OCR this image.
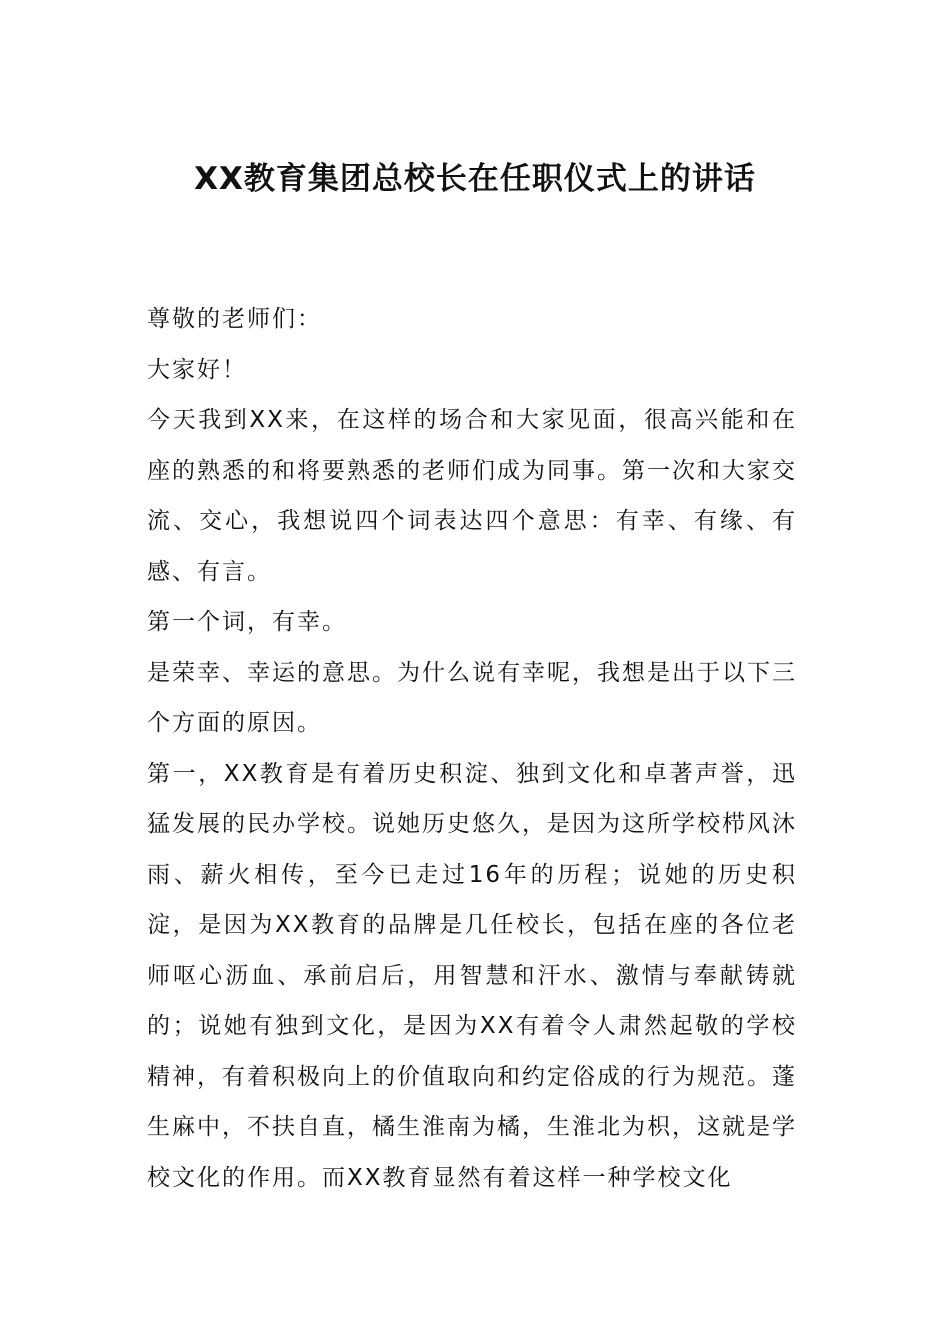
XX教育集团总校长在任职仪式上的讲话

尊敬的老师们：

大家好！

今天我到XX来，在这样的场合和大家见面，很高兴能和在座的熟悉的和将要熟悉的老师们成为同事。第一次和大家交流、交心，我想说四个词表达四个意思：有幸、有缘、有感、有言。

第一个词，有幸。

是荣幸、幸运的意思。为什么说有幸呢，我想是出于以下三个方面的原因。

第一，XX教育是有着历史积淀、独到文化和卓著声誉，迅猛发展的民办学校。说她历史悠久，是因为这所学校栉风沐雨、薪火相传，至今已走过16年的历程；说她的历史积淀，是因为XX教育的品牌是几任校长，包括在座的各位老师呕心沥血、承前启后，用智慧和汗水、激情与奉献铸就的；说她有独到文化，是因为XX有着令人肃然起敬的学校精神，有着积极向上的价值取向和约定俗成的行为规范。蓬生麻中，不扶自直，橘生淮南为橘，生淮北为枳，这就是学校文化的作用。而XX教育显然有着这样一种学校文化
